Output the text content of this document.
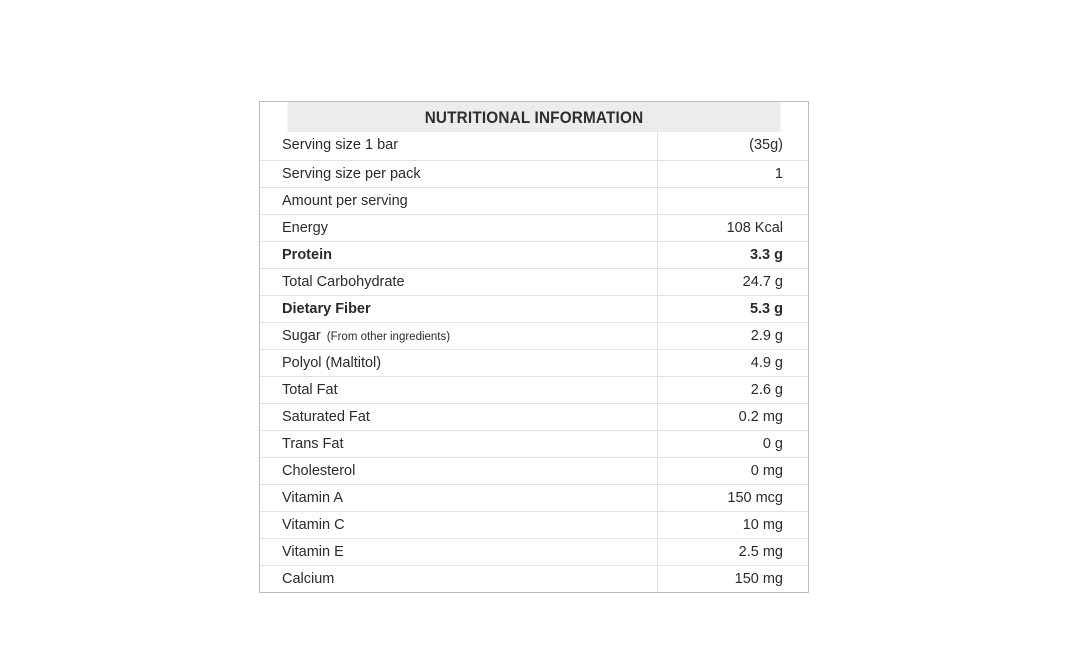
NUTRITIONAL INFORMATION
Serving size 1 bar	(35g)
Serving size per pack	1
Amount per serving
Energy	108 Kcal
Protein	3.3 g
Total Carbohydrate	24.7 g
Dietary Fiber	5.3 g
Sugar (From other ingredients)	2.9 g
Polyol (Maltitol)	4.9 g
Total Fat	2.6 g
Saturated Fat	0.2 mg
Trans Fat	0 g
Cholesterol	0 mg
Vitamin A	150 mcg
Vitamin C	10 mg
Vitamin E	2.5 mg
Calcium	150 mg
